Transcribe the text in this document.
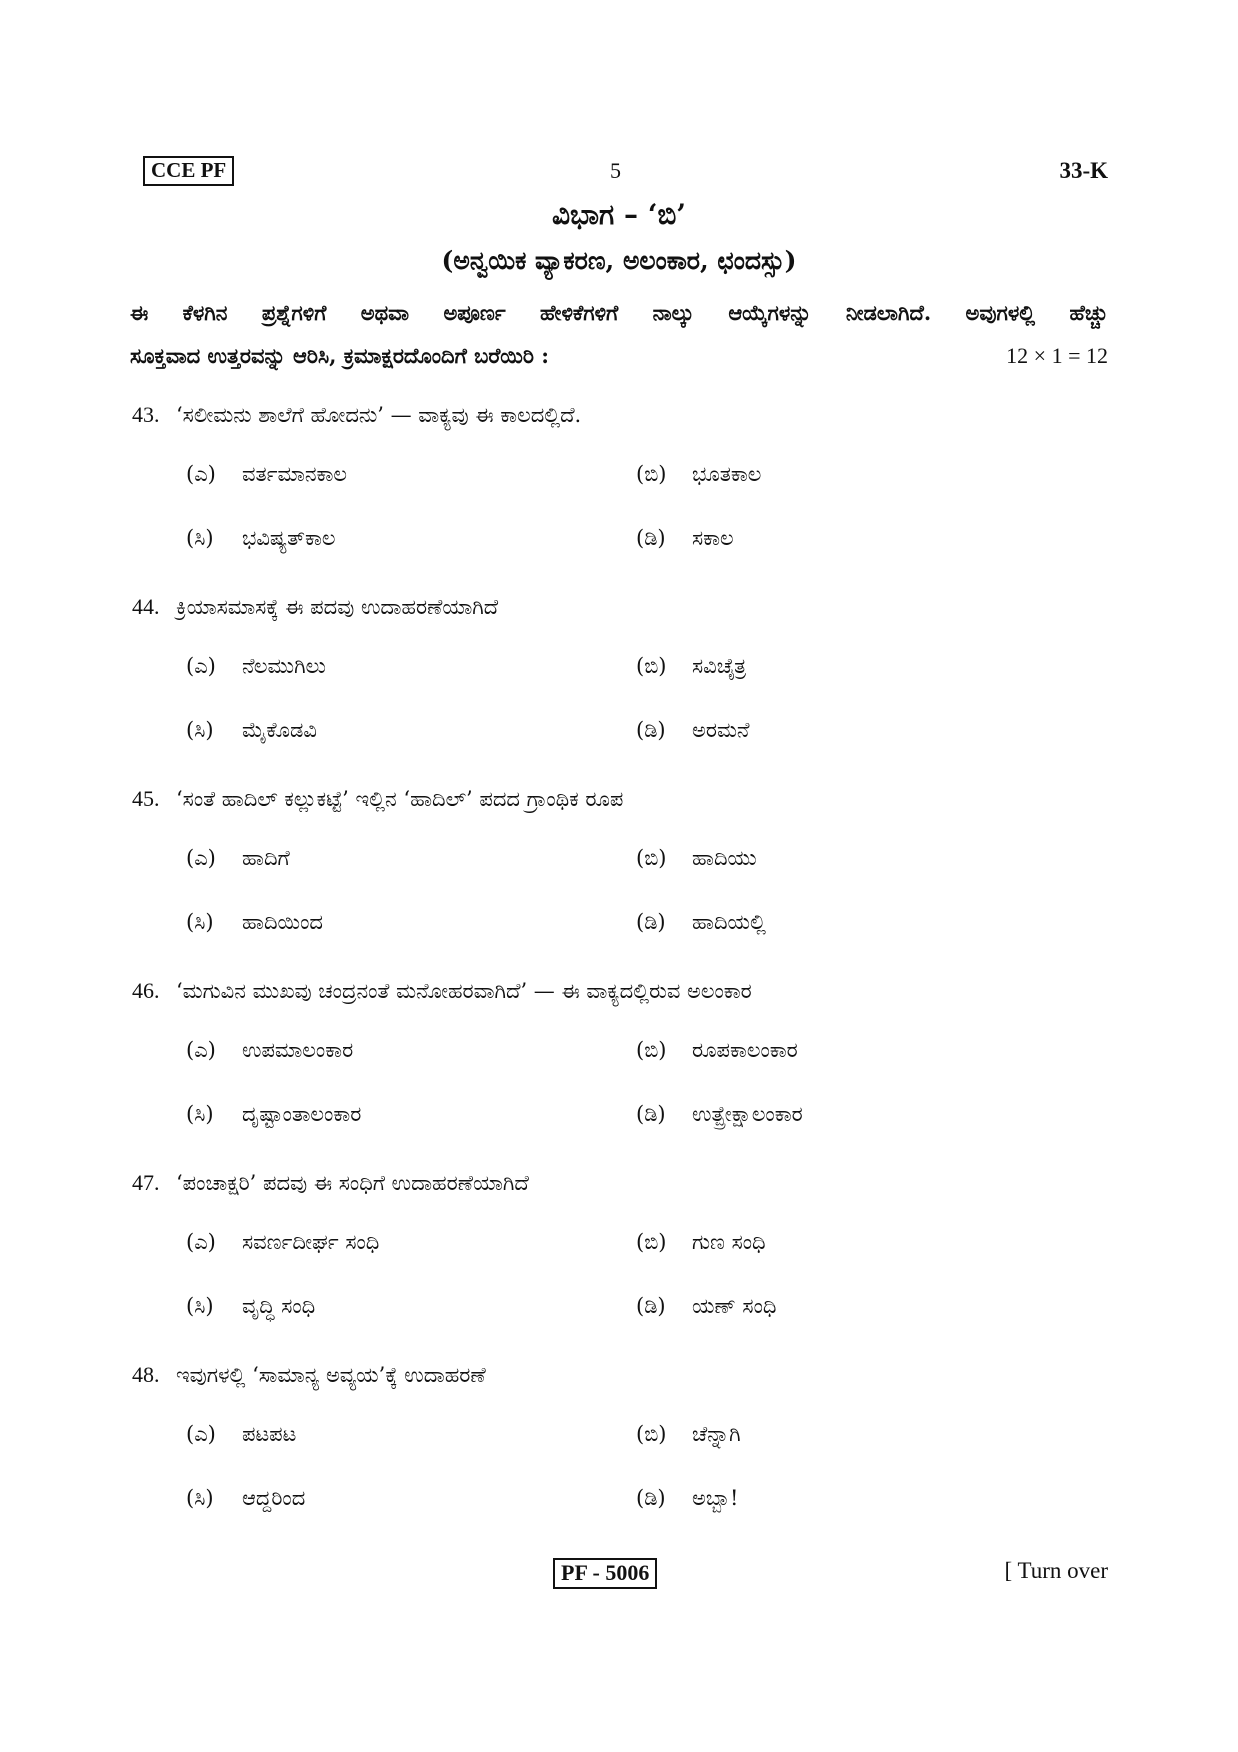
CCE PF	5	33-K
ವಿಭಾಗ – ‘ಬಿ’
(ಅನ್ವಯಿಕ ವ್ಯಾಕರಣ, ಅಲಂಕಾರ, ಛಂದಸ್ಸು)
ಈ ಕೆಳಗಿನ ಪ್ರಶ್ನೆಗಳಿಗೆ ಅಥವಾ ಅಪೂರ್ಣ ಹೇಳಿಕೆಗಳಿಗೆ ನಾಲ್ಕು ಆಯ್ಕೆಗಳನ್ನು ನೀಡಲಾಗಿದೆ. ಅವುಗಳಲ್ಲಿ ಹೆಚ್ಚು
ಸೂಕ್ತವಾದ ಉತ್ತರವನ್ನು ಆರಿಸಿ, ಕ್ರಮಾಕ್ಷರದೊಂದಿಗೆ ಬರೆಯಿರಿ :	12 × 1 = 12
43. ‘ಸಲೀಮನು ಶಾಲೆಗೆ ಹೋದನು’ — ವಾಕ್ಯವು ಈ ಕಾಲದಲ್ಲಿದೆ.
(ಎ) ವರ್ತಮಾನಕಾಲ	(ಬಿ) ಭೂತಕಾಲ
(ಸಿ) ಭವಿಷ್ಯತ್‌ಕಾಲ	(ಡಿ) ಸಕಾಲ
44. ಕ್ರಿಯಾಸಮಾಸಕ್ಕೆ ಈ ಪದವು ಉದಾಹರಣೆಯಾಗಿದೆ
(ಎ) ನೆಲಮುಗಿಲು	(ಬಿ) ಸವಿಚೈತ್ರ
(ಸಿ) ಮೈಕೊಡವಿ	(ಡಿ) ಅರಮನೆ
45. ‘ಸಂತೆ ಹಾದಿಲ್ ಕಲ್ಲುಕಟ್ಟೆ’ ಇಲ್ಲಿನ ‘ಹಾದಿಲ್’ ಪದದ ಗ್ರಾಂಥಿಕ ರೂಪ
(ಎ) ಹಾದಿಗೆ	(ಬಿ) ಹಾದಿಯು
(ಸಿ) ಹಾದಿಯಿಂದ	(ಡಿ) ಹಾದಿಯಲ್ಲಿ
46. ‘ಮಗುವಿನ ಮುಖವು ಚಂದ್ರನಂತೆ ಮನೋಹರವಾಗಿದೆ’ — ಈ ವಾಕ್ಯದಲ್ಲಿರುವ ಅಲಂಕಾರ
(ಎ) ಉಪಮಾಲಂಕಾರ	(ಬಿ) ರೂಪಕಾಲಂಕಾರ
(ಸಿ) ದೃಷ್ಟಾಂತಾಲಂಕಾರ	(ಡಿ) ಉತ್ಪ್ರೇಕ್ಷಾಲಂಕಾರ
47. ‘ಪಂಚಾಕ್ಷರಿ’ ಪದವು ಈ ಸಂಧಿಗೆ ಉದಾಹರಣೆಯಾಗಿದೆ
(ಎ) ಸವರ್ಣದೀರ್ಘ ಸಂಧಿ	(ಬಿ) ಗುಣ ಸಂಧಿ
(ಸಿ) ವೃದ್ಧಿ ಸಂಧಿ	(ಡಿ) ಯಣ್ ಸಂಧಿ
48. ಇವುಗಳಲ್ಲಿ ‘ಸಾಮಾನ್ಯ ಅವ್ಯಯ’ಕ್ಕೆ ಉದಾಹರಣೆ
(ಎ) ಪಟಪಟ	(ಬಿ) ಚೆನ್ನಾಗಿ
(ಸಿ) ಆದ್ದರಿಂದ	(ಡಿ) ಅಬ್ಬಾ!
PF - 5006	[ Turn over
